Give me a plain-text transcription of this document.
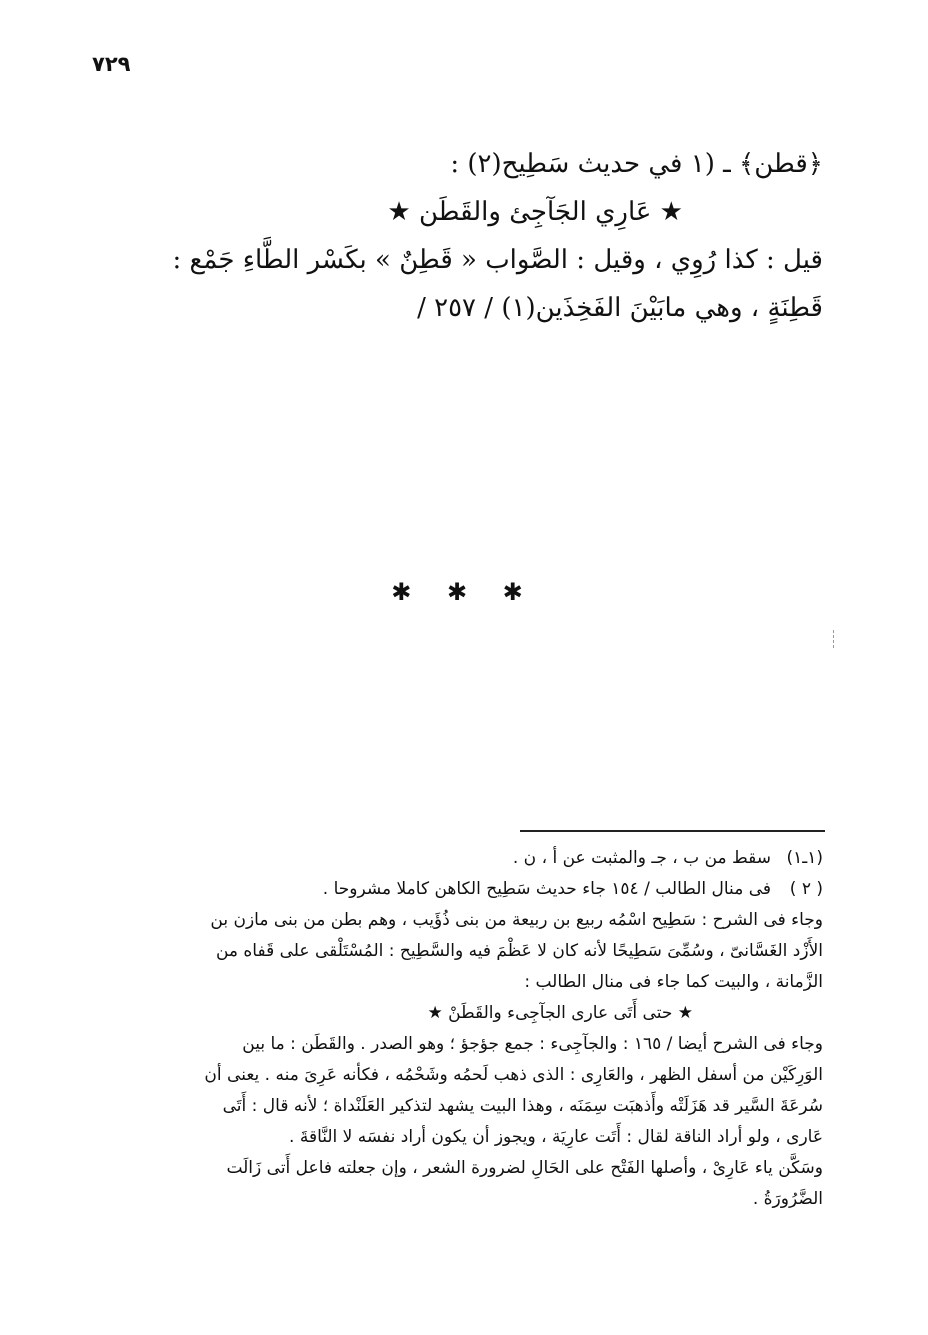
٧٢٩
﴿قطن﴾ ـ (١ في حديث سَطِيح(٢) :
★ عَارِي الجَآجِئ والقَطَن ★
قيل : كذا رُوِي ، وقيل : الصَّواب « قَطِنٌ » بكَسْر الطَّاءِ جَمْع :
قَطِنَةٍ ، وهي مابَيْنَ الفَخِذَين(١) / ٢٥٧ /
✱ ✱ ✱
(١ـ١)
سقط من ب ، جـ والمثبت عن أ ، ن .
( ٢ )
فى منال الطالب / ١٥٤ جاء حديث سَطِيح الكاهن كاملا مشروحا .
وجاء فى الشرح : سَطِيح اسْمُه ربيع بن ربيعة من بنى ذُؤَيب ، وهم بطن من بنى مازن بن
الأَزْد الغَسَّانىّ ، وسُمِّىَ سَطِيحًا لأنه كان لا عَظْمَ فيه والسَّطِيح : المُسْتَلْقى على قَفاه من
الزَّمانة ، والبيت كما جاء فى منال الطالب :
★ حتى أَتَى عارى الجآجِىء والقَطَنْ ★
وجاء فى الشرح أيضا / ١٦٥ : والجآجِىء : جمع جؤجؤ ؛ وهو الصدر . والقَطَن : ما بين
الوَرِكَيْن من أسفل الظهر ، والعَارِى : الذى ذهب لَحمُه وشَحْمُه ، فكأنه عَرِىَ منه . يعنى أن
سُرعَةَ السَّير قد هَزَلَتْه وأَذهبَت سِمَنَه ، وهذا البيت يشهد لتذكير العَلَنْداة ؛ لأنه قال : أَتَى
عَارى ، ولو أراد الناقة لقال : أَتَت عارِيَة ، ويجوز أن يكون أراد نفسَه لا النَّاقةَ .
وسَكَّن ياء عَارِىْ ، وأصلها الفَتْح على الحَالِ لضرورة الشعر ، وإن جعلته فاعل أَتى زَالَت
الضَّرُورَةُ .
